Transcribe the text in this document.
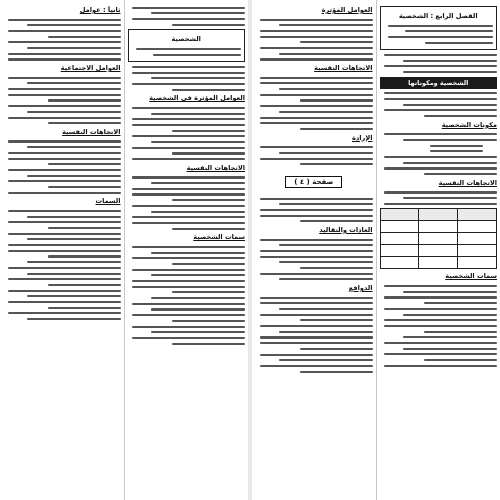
الفصل الرابع : الشخصية
الشخصية ومكوناتها
مكونات الشخصية
الاتجاهات النفسية

سمات الشخصية
العوامل المؤثرة
الاتجاهات النفسية
الإرادة
صفحة ( ٤ )
العادات والتقاليد
الدوافع
الشخصية
العوامل المؤثرة في الشخصية
الاتجاهات النفسية
سمات الشخصية
ثانياً : عوامل
العوامل الاجتماعية
الاتجاهات النفسية
السمات
